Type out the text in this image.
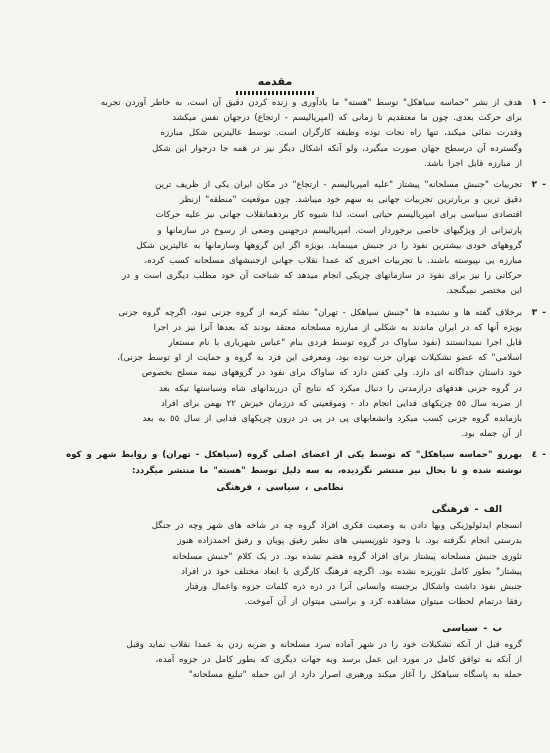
مقدمه
١ -
هدف از نشر "حماسه سیاهکل" توسط "هسته" ما یادآوری و زنده کردن دقیق آن است، به خاطر آوردن تجربه
برای حرکت بعدی. چون ما معتقدیم تا زمانی که (امپریالیسم - ارتجاع) درجهان نفس میکشد
وقدرت نمائی میکند، تنها راه نجات توده وظیفه کارگران است. توسط عالیترین شکل مبارزه
وگسترده آن درسطح جهان صورت میگیرد، ولو آنکه اشکال دیگر نیز در همه جا درجوار این شکل
از مبارزه قابل اجرا باشد.
٢ -
تجربیات "جنبش مسلحانه" پیشتاز "علیه امپریالیسم - ارتجاع" در مکان ایران یکی از ظریف ترین
دقیق ترین و بربارترین تجربیات جهانی به سهم خود میباشد. چون موقعیت "منطقه" ازنظر
اقتصادی سیاسی برای امپریالیسم حیاتی است، لذا شیوه کار بردهمانقلاب جهانی نیز علیه حرکات
پارتیزانی از ویژگیهای خاصی برخوردار است. امپریالیسم درجهنین وضعی از رسوخ در سازمانها و
گروههای خودی بیشترین نفوذ را در جنبش میبنماید. بویژه اگر این گروهها وسازمانها به عالیترین شکل
مبارزه یی نپیوسته باشند. با تجربیات اخیری که عمدا نقلاب جهانی ازجنبشهای مسلحانه کسب کرده،
حرکاتی را نیز برای نفوذ در سازمانهای چریکی انجام میدهد که شناخت آن خود مطلب دیگری است و در
این مختصر نمیگنجد.
٣ -
برخلاف گفته ها و نشنیده ها "جنبش سیاهکل - تهران" نشئه کرمه از گروه جزنی نبود، اگرچه گروه جزنی
بویژه آنها که در ایران ماندند به شکلی از مبارزه مسلحانه معتقد بودند که بعدها آنرا نیز در اجرا
قابل اجرا نمیدانستند (نفوذ ساواک در گروه توسط فردی بنام "عباس شهریاری با نام مستعار
اسلامی" که عضو تشکیلات تهران حزب توده بود، ومعرفی این فرد به گروه و حمایت از او توسط جزنی)،
خود داستان جداگانه ای دارد. ولی کفتن دارد که ساواک برای نفوذ در گروههای نیمه مسلح بخصوص
در گروه جزنی هدفهای درازمدتی را دنبال میکرد که نتایج آن دررندانهای شاه وسیاستها تیکه بعد
از ضربه سال ٥٥ چریکهای فدایی انجام داد - وموقعیتی که درزمان خیزش ٢٢ بهمن برای افراد
بازمانده گروه جزنی کسب میکرد وانشعابهای پی در پی در درون چریکهای فدایی از سال ٥٥ به بعد
از آن جمله بود.
٤ -
بهررو "حماسه سیاهکل" که توسط یکی از اعضای اصلی گروه (سیاهکل - تهران) و روابط شهر و کوه
نوشته شده و تا بحال نیز منتشر نگردیده، به سه دلیل توسط "هسته" ما منتشر میگردد:
نظامی ، سیاسی ، فرهنگی
الف - فرهنگی
انسجام ایدئولوژیکی وبها دادن به وضعیت فکری افراد گروه چه در شاخه های شهر وچه در جنگل
بدرستی انجام نگرفته بود. با وجود تئوریسینی های نظیر رفیق پویان و رفیق احمدزاده هنوز
تئوری جنبش مسلحانه پیشتاز برای افراد گروه هضم نشده بود. در یک کلام "جنبش مسلحانه
پیشتاز" بطور کامل تئوریزه نشده بود. اگرچه فرهنگ کارگری با ابعاد مختلف خود در افراد
جنبش نفوذ داشت واشکال برجسته وانسانی آنرا در ذره ذره کلمات جزوه واعمال ورفتار
رفقا درتمام لحظات میتوان مشاهده کرد و براستی میتوان از آن آموخت.
ب - سیاسی
گروه قبل از آنکه تشکیلات خود را در شهر آماده سرد مسلحانه و ضربه زدن به عمدا نقلاب نماید وقبل
از آنکه به توافق کامل در مورد این عمل برسد وبه جهات دیگری که بطور کامل در جزوه آمده،
حمله به پاسگاه سیاهکل را آغاز میکند ورهبری اصرار دارد از این حمله "تبلیغ مسلحانه"
